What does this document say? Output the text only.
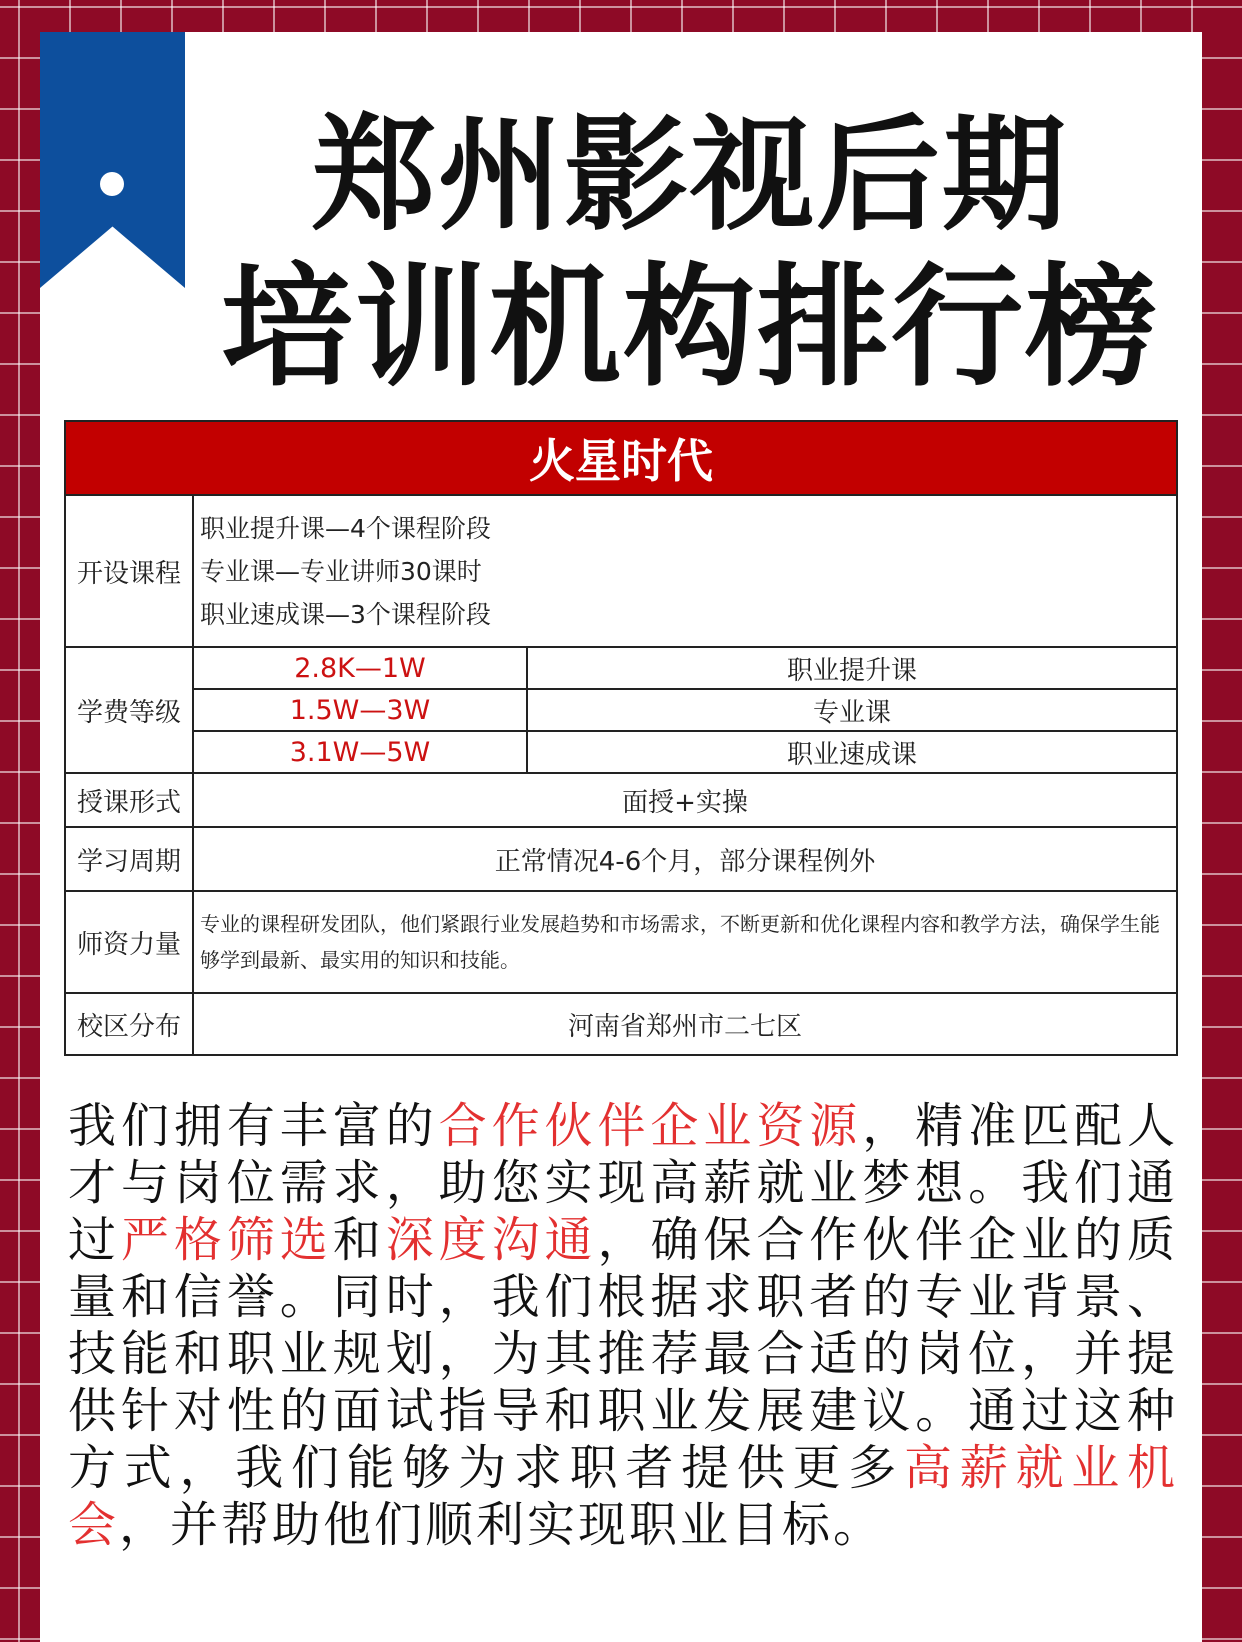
郑州影视后期
培训机构排行榜
火星时代		
开设课程	职业提升课—4个课程阶段
专业课—专业讲师30课时
职业速成课—3个课程阶段	

学费等级	2.8K—1W	职业提升课
	1.5W—3W	专业课
	3.1W—5W	职业速成课
授课形式	面授+实操	
学习周期	正常情况4-6个月，部分课程例外	
师资力量	专业的课程研发团队，他们紧跟行业发展趋势和市场需求，不断更新和优化课程内容和教学方法，确保学生能够学到最新、最实用的知识和技能。	
校区分布	河南省郑州市二七区	

我们拥有丰富的合作伙伴企业资源，精准匹配人才与岗位需求，助您实现高薪就业梦想。我们通过严格筛选和深度沟通，确保合作伙伴企业的质量和信誉。同时，我们根据求职者的专业背景、技能和职业规划，为其推荐最合适的岗位，并提供针对性的面试指导和职业发展建议。通过这种方式，我们能够为求职者提供更多高薪就业机会，并帮助他们顺利实现职业目标。
